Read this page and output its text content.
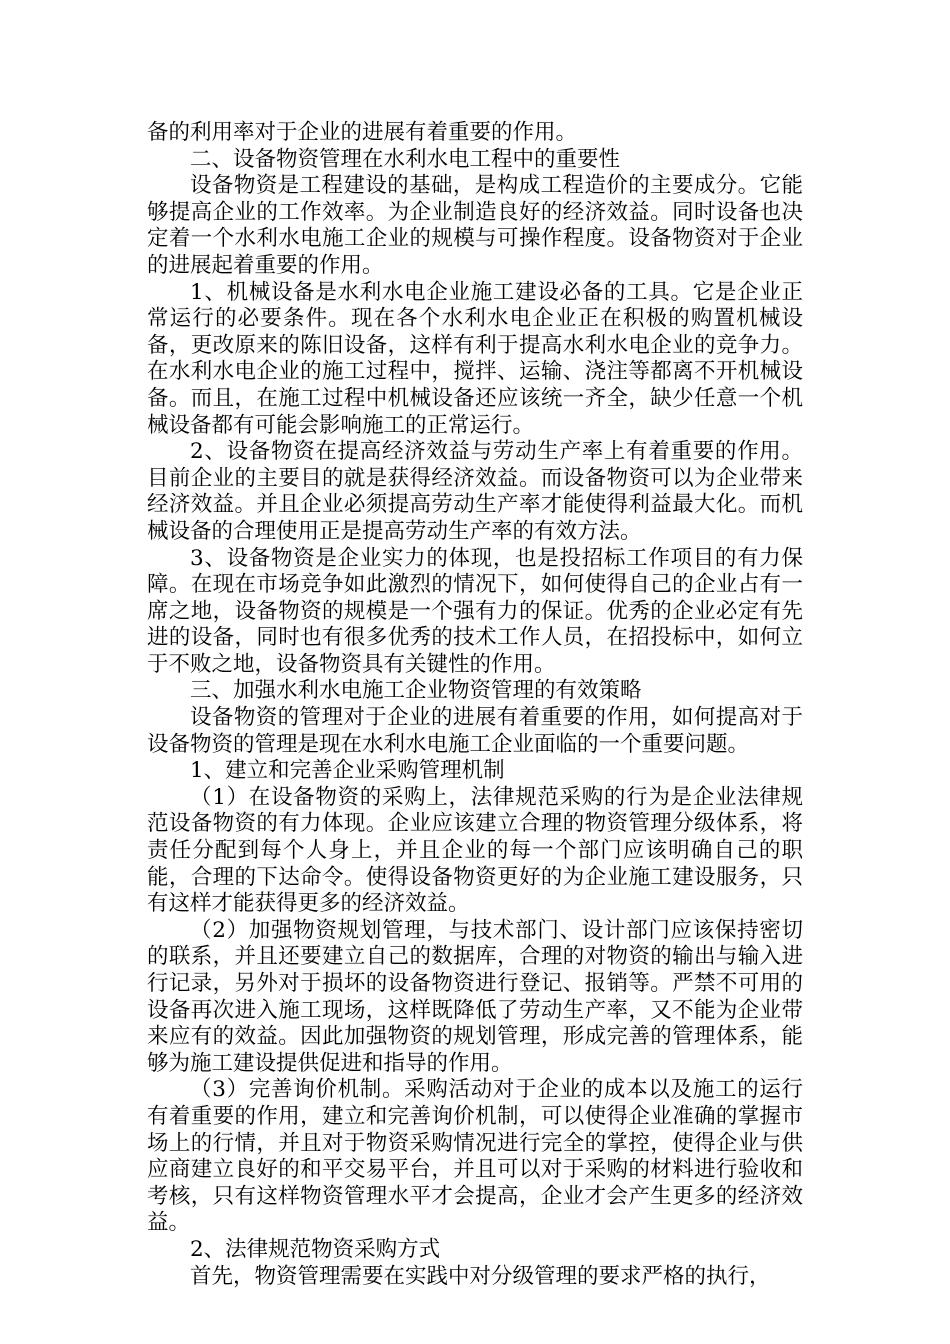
备的利用率对于企业的进展有着重要的作用。

二、设备物资管理在水利水电工程中的重要性

设备物资是工程建设的基础，是构成工程造价的主要成分。它能够提高企业的工作效率。为企业制造良好的经济效益。同时设备也决定着一个水利水电施工企业的规模与可操作程度。设备物资对于企业的进展起着重要的作用。

1、机械设备是水利水电企业施工建设必备的工具。它是企业正常运行的必要条件。现在各个水利水电企业正在积极的购置机械设备，更改原来的陈旧设备，这样有利于提高水利水电企业的竞争力。在水利水电企业的施工过程中，搅拌、运输、浇注等都离不开机械设备。而且，在施工过程中机械设备还应该统一齐全，缺少任意一个机械设备都有可能会影响施工的正常运行。

2、设备物资在提高经济效益与劳动生产率上有着重要的作用。目前企业的主要目的就是获得经济效益。而设备物资可以为企业带来经济效益。并且企业必须提高劳动生产率才能使得利益最大化。而机械设备的合理使用正是提高劳动生产率的有效方法。

3、设备物资是企业实力的体现，也是投招标工作项目的有力保障。在现在市场竞争如此激烈的情况下，如何使得自己的企业占有一席之地，设备物资的规模是一个强有力的保证。优秀的企业必定有先进的设备，同时也有很多优秀的技术工作人员，在招投标中，如何立于不败之地，设备物资具有关键性的作用。

三、加强水利水电施工企业物资管理的有效策略

设备物资的管理对于企业的进展有着重要的作用，如何提高对于设备物资的管理是现在水利水电施工企业面临的一个重要问题。

1、建立和完善企业采购管理机制

（1）在设备物资的采购上，法律规范采购的行为是企业法律规范设备物资的有力体现。企业应该建立合理的物资管理分级体系，将责任分配到每个人身上，并且企业的每一个部门应该明确自己的职能，合理的下达命令。使得设备物资更好的为企业施工建设服务，只有这样才能获得更多的经济效益。

（2）加强物资规划管理，与技术部门、设计部门应该保持密切的联系，并且还要建立自己的数据库，合理的对物资的输出与输入进行记录，另外对于损坏的设备物资进行登记、报销等。严禁不可用的设备再次进入施工现场，这样既降低了劳动生产率，又不能为企业带来应有的效益。因此加强物资的规划管理，形成完善的管理体系，能够为施工建设提供促进和指导的作用。

（3）完善询价机制。采购活动对于企业的成本以及施工的运行有着重要的作用，建立和完善询价机制，可以使得企业准确的掌握市场上的行情，并且对于物资采购情况进行完全的掌控，使得企业与供应商建立良好的和平交易平台，并且可以对于采购的材料进行验收和考核，只有这样物资管理水平才会提高，企业才会产生更多的经济效益。

2、法律规范物资采购方式

首先，物资管理需要在实践中对分级管理的要求严格的执行，
